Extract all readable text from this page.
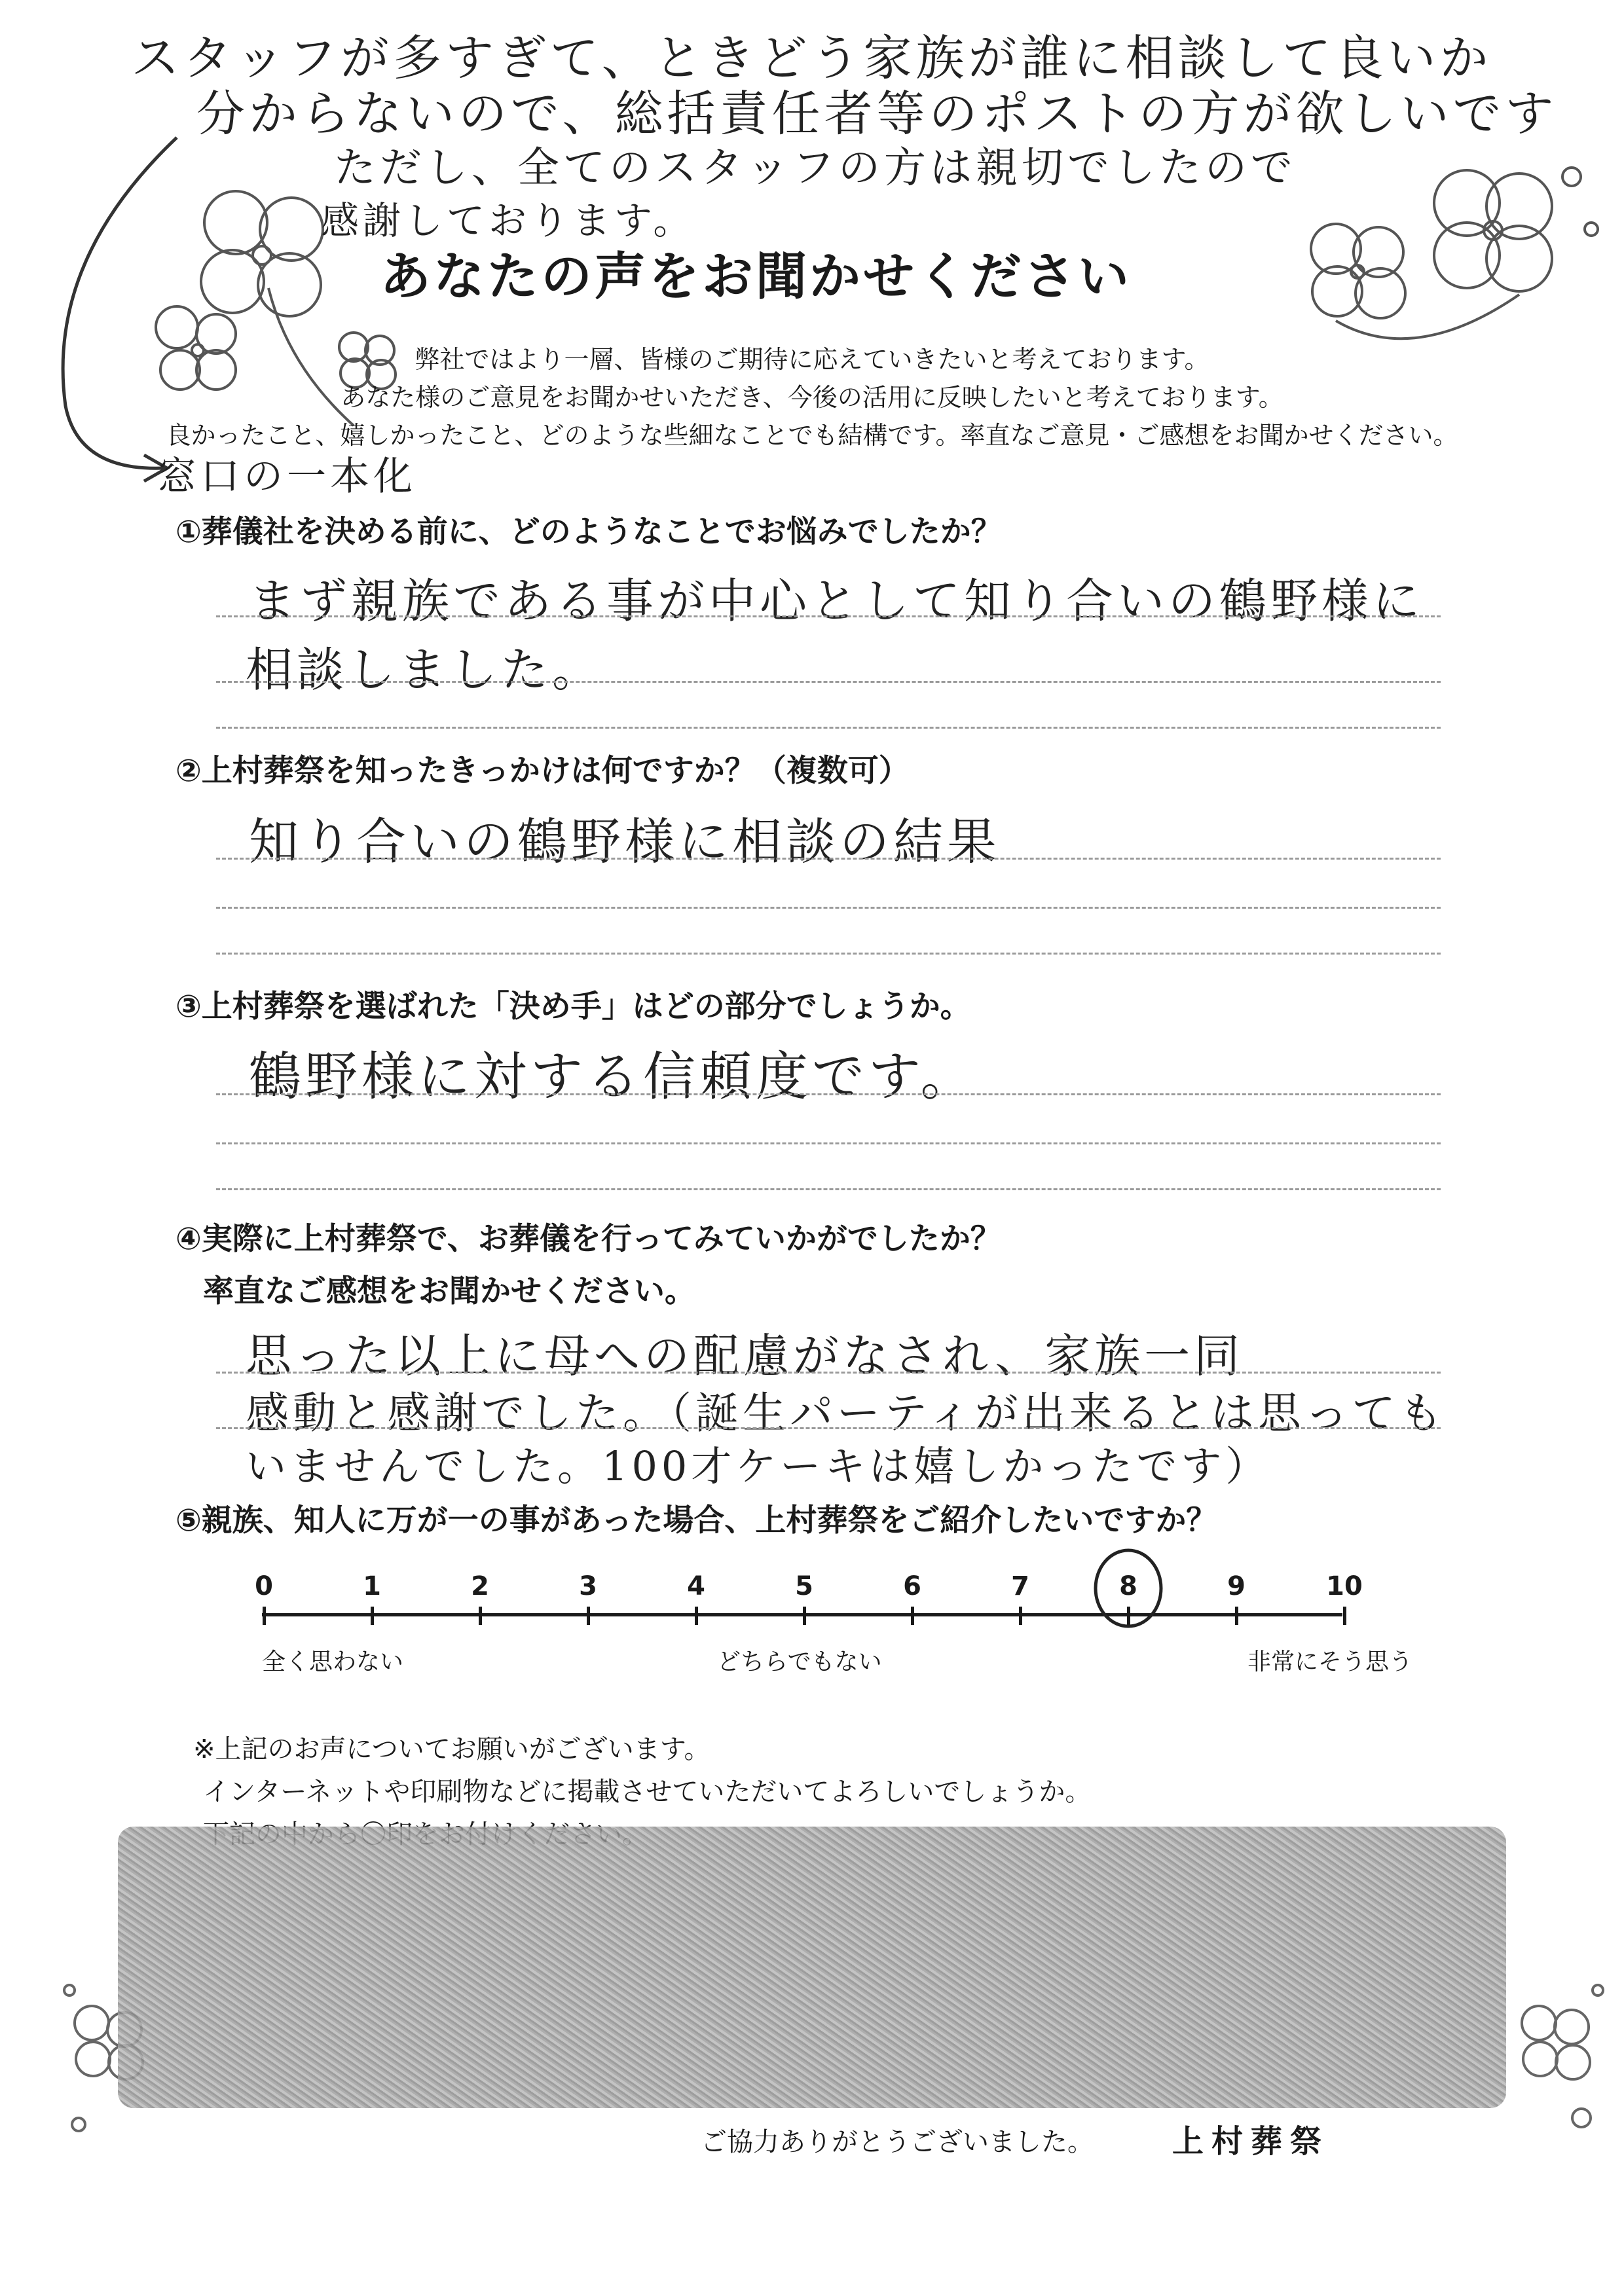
スタッフが多すぎて、ときどう家族が誰に相談して良いか
分からないので、総括責任者等のポストの方が欲しいです
ただし、全てのスタッフの方は親切でしたので
感謝しております。
窓口の一本化
あなたの声をお聞かせください
弊社ではより一層、皆様のご期待に応えていきたいと考えております。
あなた様のご意見をお聞かせいただき、今後の活用に反映したいと考えております。
良かったこと、嬉しかったこと、どのような些細なことでも結構です。率直なご意見・ご感想をお聞かせください。
①葬儀社を決める前に、どのようなことでお悩みでしたか？
まず親族である事が中心として知り合いの鶴野様に
相談しました。
②上村葬祭を知ったきっかけは何ですか？（複数可）
知り合いの鶴野様に相談の結果
③上村葬祭を選ばれた「決め手」はどの部分でしょうか。
鶴野様に対する信頼度です。
④実際に上村葬祭で、お葬儀を行ってみていかがでしたか？
率直なご感想をお聞かせください。
思った以上に母への配慮がなされ、家族一同
感動と感謝でした。（誕生パーティが出来るとは思っても
いませんでした。100才ケーキは嬉しかったです）
⑤親族、知人に万が一の事があった場合、上村葬祭をご紹介したいですか？
0	1	2	3	4	5	6	7	8	9	10
全く思わない	どちらでもない	非常にそう思う
※上記のお声についてお願いがございます。
インターネットや印刷物などに掲載させていただいてよろしいでしょうか。
ご協力ありがとうございました。	上村葬祭
